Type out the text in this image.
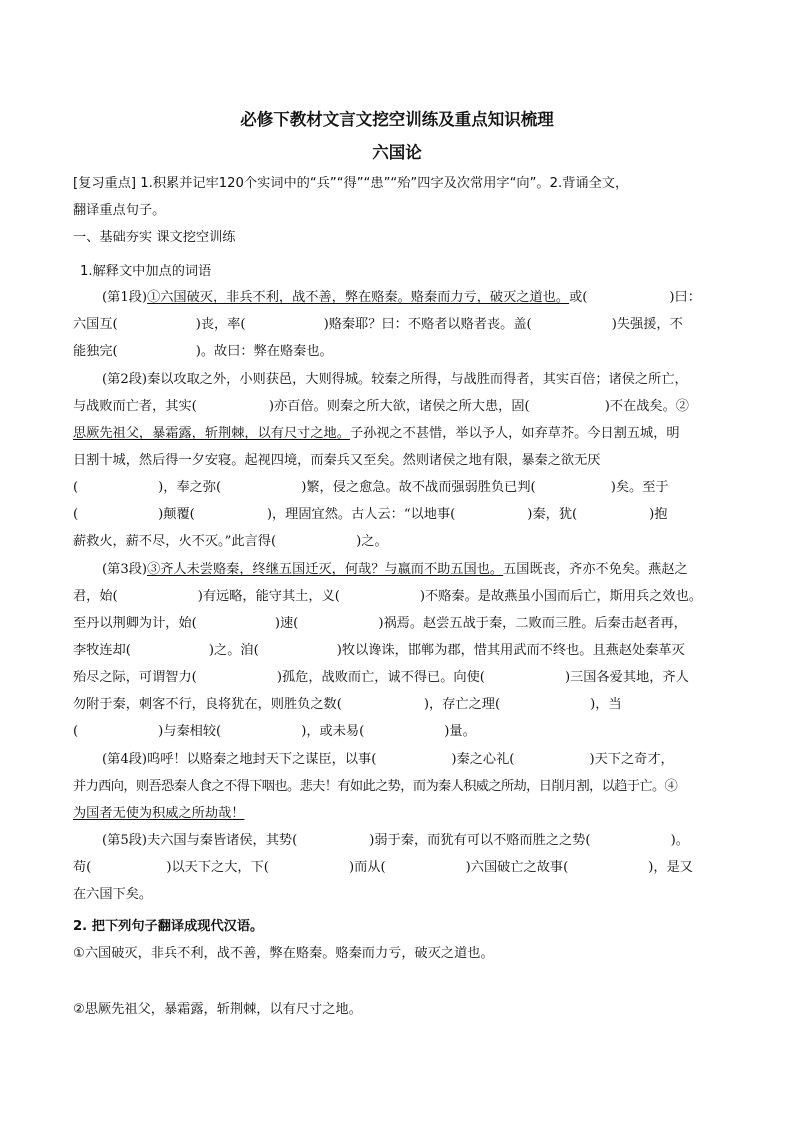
必修下教材文言文挖空训练及重点知识梳理
六国论
[复习重点] 1.积累并记牢120个实词中的“兵”“得”“患”“殆”四字及次常用字“向”。2.背诵全文，
翻译重点句子。
一、基础夯实 课文挖空训练
1.解释文中加点的词语
(第1段)①六国破灭，非兵不利，战不善，弊在赂秦。赂秦而力亏，破灭之道也。或(	)曰：
六国互(	)丧，率(	)赂秦耶？曰：不赂者以赂者丧。盖(	)失强援，不
能独完(	)。故曰：弊在赂秦也。
(第2段)秦以攻取之外，小则获邑，大则得城。较秦之所得，与战胜而得者，其实百倍；诸侯之所亡，
与战败而亡者，其实(	)亦百倍。则秦之所大欲，诸侯之所大患，固(	)不在战矣。②
思厥先祖父，暴霜露，斩荆棘，以有尺寸之地。子孙视之不甚惜，举以予人，如弃草芥。今日割五城，明
日割十城，然后得一夕安寝。起视四境，而秦兵又至矣。然则诸侯之地有限，暴秦之欲无厌
(	)，奉之弥(	)繁，侵之愈急。故不战而强弱胜负已判(	)矣。至于
(	)颠覆(	)，理固宜然。古人云：“以地事(	)秦，犹(	)抱
薪救火，薪不尽，火不灭。”此言得(	)之。
(第3段)③齐人未尝赂秦，终继五国迁灭，何哉？与嬴而不助五国也。五国既丧，齐亦不免矣。燕赵之
君，始(	)有远略，能守其土，义(	)不赂秦。是故燕虽小国而后亡，斯用兵之效也。
至丹以荆卿为计，始(	)速(	)祸焉。赵尝五战于秦，二败而三胜。后秦击赵者再，
李牧连却(	)之。洎(	)牧以谗诛，邯郸为郡，惜其用武而不终也。且燕赵处秦革灭
殆尽之际，可谓智力(	)孤危，战败而亡，诚不得已。向使(	)三国各爱其地，齐人
勿附于秦，刺客不行，良将犹在，则胜负之数(	)，存亡之理(	)，当
(	)与秦相较(	)，或未易(	)量。
(第4段)呜呼！以赂秦之地封天下之谋臣，以事(	)秦之心礼(	)天下之奇才，
并力西向，则吾恐秦人食之不得下咽也。悲夫！有如此之势，而为秦人积威之所劫，日削月割，以趋于亡。④
为国者无使为积威之所劫哉！
(第5段)夫六国与秦皆诸侯，其势(	)弱于秦，而犹有可以不赂而胜之之势(	)。
苟(	)以天下之大，下(	)而从(	)六国破亡之故事(	)，是又
在六国下矣。
2. 把下列句子翻译成现代汉语。
①六国破灭，非兵不利，战不善，弊在赂秦。赂秦而力亏，破灭之道也。
②思厥先祖父，暴霜露，斩荆棘，以有尺寸之地。
